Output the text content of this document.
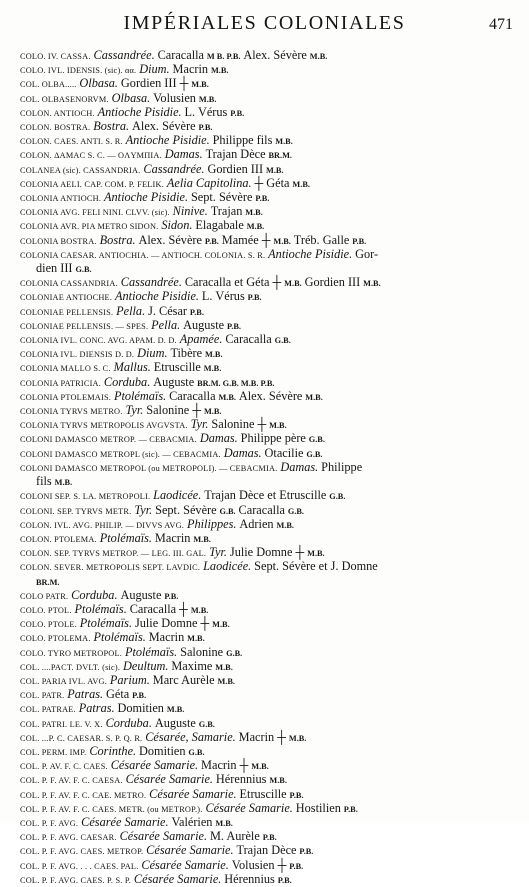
IMPÉRIALES COLONIALES	471
COLO. IV. CASSA. Cassandrée. Caracalla M B. P.B. Alex. Sévère M.B.
COLO. IVL. IDENSIS. (sic). αα. Dium. Macrin M.B.
COL. OLBA..... Olbasa. Gordien III ┼ M.B.
COL. OLBASENORVM. Olbasa. Volusien M.B.
COLON. ANTIOCH. Antioche Pisidie. L. Vérus P.B.
COLON. BOSTRA. Bostra. Alex. Sévère P.B.
COLON. CAES. ANTI. S. R. Antioche Pisidie. Philippe fils M.B.
COLON. ΔAMAC S. C. — OΛYMΠIA. Damas. Trajan Dèce BR.M.
COLΛNEA (sic). CASSANDRIA. Cassandrée. Gordien III M.B.
COLONIA AELI. CAP. COM. P. FELIK. Aelia Capitolina. ┼ Géta M.B.
COLONIA ANTIOCH. Antioche Pisidie. Sept. Sévère P.B.
COLONIA AVG. FELI NINI. CLVV. (sic). Ninive. Trajan M.B.
COLONIA AVR. PIA METRO SIDON. Sidon. Elagabale M.B.
COLONIA BOSTRA. Bostra. Alex. Sévère P.B. Mamée ┼ M.B. Tréb. Galle P.B.
COLONIA CAESAR. ANTIOCHIA. — ANTIOCH. COLONIA. S. R. Antioche Pisidie. Gor-
dien III G.B.
COLONIA CASSANDRIA. Cassandrée. Caracalla et Géta ┼ M.B. Gordien III M.B.
COLONIAE ANTIOCHE. Antioche Pisidie. L. Vérus P.B.
COLONIAE PELLENSIS. Pella. J. César P.B.
COLONIAE PELLENSIS. — SPES. Pella. Auguste P.B.
COLONIA IVL. CONC. AVG. APAM. D. D. Apamée. Caracalla G.B.
COLONIA IVL. DIENSIS D. D. Dium. Tibère M.B.
COLONIA MALLO S. C. Mallus. Etruscille M.B.
COLONIA PATRICIA. Corduba. Auguste BR.M. G.B. M.B. P.B.
COLONIA PTOLEMAIS. Ptolémaïs. Caracalla M.B. Alex. Sévère M.B.
COLONIA TYRVS METRO. Tyr. Salonine ┼ M.B.
COLONIA TYRVS METROPOLIS AVGVSTA. Tyr. Salonine ┼ M.B.
COLONI DAMASCO METROP. — CEBACMIA. Damas. Philippe père G.B.
COLONI DAMASCO METROPL (sic). — CEBACMIA. Damas. Otacilie G.B.
COLONI DAMASCO METROPOL (ou METROPOLI). — CEBACMIA. Damas. Philippe
fils M.B.
COLONI SEP. S. LA. METROPOLI. Laodicée. Trajan Dèce et Etruscille G.B.
COLONI. SEP. TYRVS METR. Tyr. Sept. Sévère G.B. Caracalla G.B.
COLON. IVL. AVG. PHILIP. — DIVVS AVG. Philippes. Adrien M.B.
COLON. PTOLEMA. Ptolémaïs. Macrin M.B.
COLON. SEP. TYRVS METROP. — LEG. III. GAL. Tyr. Julie Domne ┼ M.B.
COLON. SEVER. METROPOLIS SEPT. LAVDIC. Laodicée. Sept. Sévère et J. Domne
BR.M.
COLO PATR. Corduba. Auguste P.B.
COLO. PTOL. Ptolémaïs. Caracalla ┼ M.B.
COLO. PTOLE. Ptolémaïs. Julie Domne ┼ M.B.
COLO. PTOLEMA. Ptolémaïs. Macrin M.B.
COLO. TYRO METROPOL. Ptolémaïs. Salonine G.B.
COL. ....PACT. DVLT. (sic). Deultum. Maxime M.B.
COL. PARIA IVL. AVG. Parium. Marc Aurèle M.B.
COL. PATR. Patras. Géta P.B.
COL. PATRAE. Patras. Domitien M.B.
COL. PATRI. LE. V. X. Corduba. Auguste G.B.
COL. ...P. C. CAESAR. S. P. Q. R. Césarée, Samarie. Macrin ┼ M.B.
COL. PERM. IMP. Corinthe. Domitien G.B.
COL. P. AV. F. C. CAES. Césarée Samarie. Macrin ┼ M.B.
COL. P. F. AV. F. C. CAESA. Césarée Samarie. Hérennius M.B.
COL. P. F. AV. F. C. CAE. METRO. Césarée Samarie. Etruscille P.B.
COL. P. F. AV. F. C. CAES. METR. (ou METROP.). Césarée Samarie. Hostilien P.B.
COL. P. F. AVG. Césarée Samarie. Valérien M.B.
COL. P. F. AVG. CAESAR. Césarée Samarie. M. Aurèle P.B.
COL. P. F. AVG. CAES. METROP. Césarée Samarie. Trajan Dèce P.B.
COL. P. F. AVG. . . . CAES. PAL. Césarée Samarie. Volusien ┼ P.B.
COL. P. F. AVG. CAES. P. S. P. Césarée Samarie. Hérennius P.B.
